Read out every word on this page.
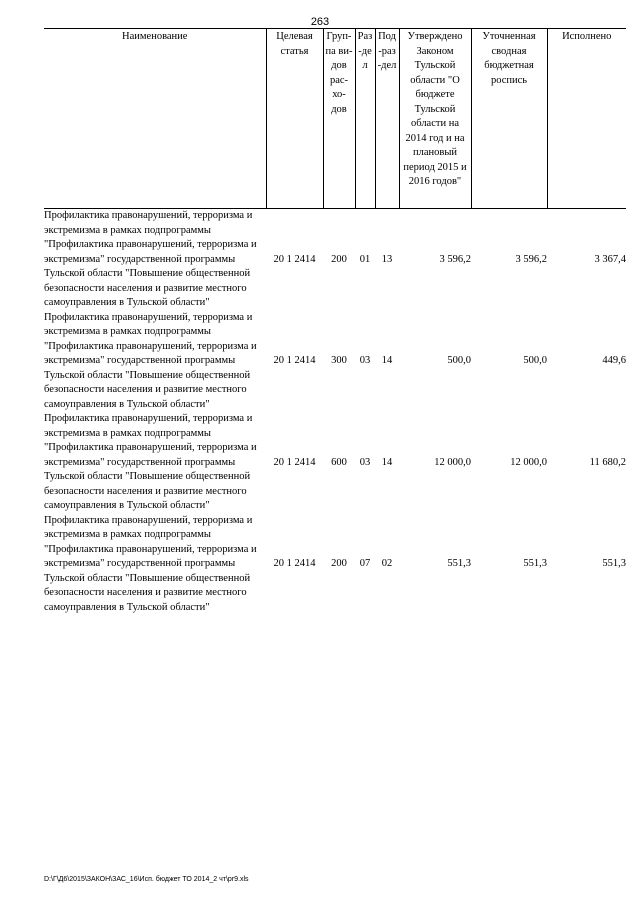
263
Наименование	Целевая статья	Груп-па ви-дов рас-хо-дов	Раз-дел	Под-раз-дел	Утверждено Законом Тульской области "О бюджете Тульской области на 2014 год и на плановый период 2015 и 2016 годов"	Уточненная сводная бюджетная роспись	Исполнено
Профилактика правонарушений, терроризма и экстремизма в рамках подпрограммы "Профилактика правонарушений, терроризма и экстремизма" государственной программы Тульской области "Повышение общественной безопасности населения и развитие местного самоуправления в Тульской области"	20 1 2414	200	01	13	3 596,2	3 596,2	3 367,4
Профилактика правонарушений, терроризма и экстремизма в рамках подпрограммы "Профилактика правонарушений, терроризма и экстремизма" государственной программы Тульской области "Повышение общественной безопасности населения и развитие местного самоуправления в Тульской области"	20 1 2414	300	03	14	500,0	500,0	449,6
Профилактика правонарушений, терроризма и экстремизма в рамках подпрограммы "Профилактика правонарушений, терроризма и экстремизма" государственной программы Тульской области "Повышение общественной безопасности населения и развитие местного самоуправления в Тульской области"	20 1 2414	600	03	14	12 000,0	12 000,0	11 680,2
Профилактика правонарушений, терроризма и экстремизма в рамках подпрограммы "Профилактика правонарушений, терроризма и экстремизма" государственной программы Тульской области "Повышение общественной безопасности населения и развитие местного самоуправления в Тульской области"	20 1 2414	200	07	02	551,3	551,3	551,3
D:\Г\Д6\2015\ЗАКОН\ЗАС_16\Исп. бюджет ТО 2014_2 чт\pr9.xls
